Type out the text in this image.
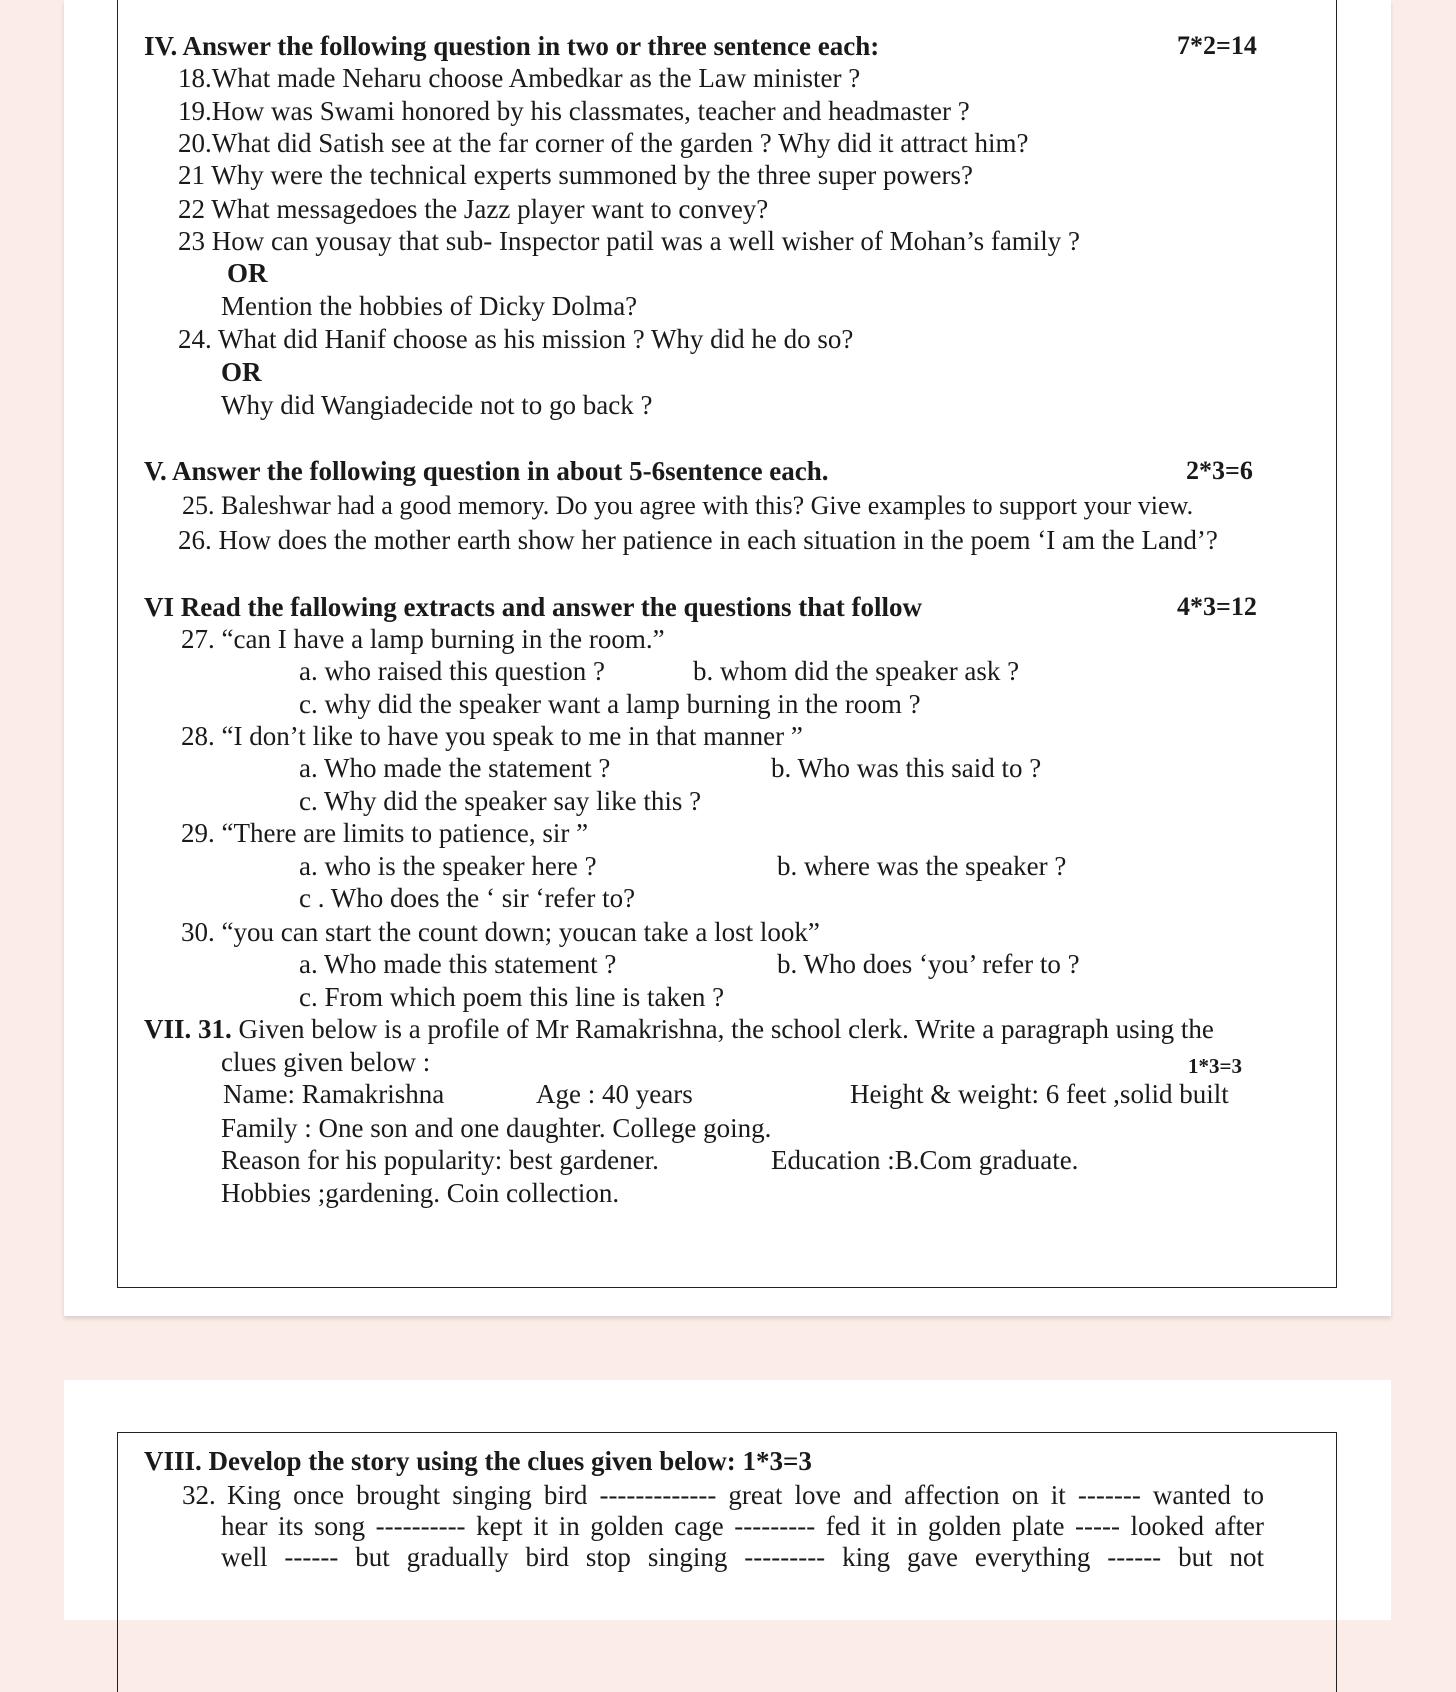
IV. Answer the following question in two or three sentence each:	7*2=14
18.What made Neharu choose Ambedkar as the Law minister ?
19.How was Swami honored by his classmates, teacher and headmaster ?
20.What did Satish see at the far corner of the garden ? Why did it attract him?
21 Why were the technical experts summoned by the three super powers?
22 What messagedoes the Jazz player want to convey?
23 How can yousay that sub- Inspector patil was a well wisher of Mohan’s family ?
OR
Mention the hobbies of Dicky Dolma?
24. What did Hanif choose as his mission ? Why did he do so?
OR
Why did Wangiadecide not to go back ?
V. Answer the following question in about 5-6sentence each.	2*3=6
25. Baleshwar had a good memory. Do you agree with this? Give examples to support your view.
26. How does the mother earth show her patience in each situation in the poem ‘I am the Land’?
VI Read the fallowing extracts and answer the questions that follow	4*3=12
27. “can I have a lamp burning in the room.”
a. who raised this question ?	b. whom did the speaker ask ?
c. why did the speaker want a lamp burning in the room ?
28. “I don’t like to have you speak to me in that manner ”
a. Who made the statement ?	b. Who was this said to ?
c. Why did the speaker say like this ?
29. “There are limits to patience, sir ”
a. who is the speaker here ?	b. where was the speaker ?
c . Who does the ‘ sir ‘refer to?
30. “you can start the count down; youcan take a lost look”
a. Who made this statement ?	b. Who does ‘you’ refer to ?
c. From which poem this line is taken ?
VII. 31. Given below is a profile of Mr Ramakrishna, the school clerk. Write a paragraph using the
clues given below :	1*3=3
Name: Ramakrishna	Age : 40 years	Height & weight: 6 feet ,solid built
Family : One son and one daughter. College going.
Reason for his popularity: best gardener.	Education :B.Com graduate.
Hobbies ;gardening. Coin collection.
VIII. Develop the story using the clues given below: 1*3=3
32. King once brought singing bird ------------- great love and affection on it ------- wanted to
hear its song ---------- kept it in golden cage --------- fed it in golden plate ----- looked after
well ------ but gradually bird stop singing --------- king gave everything ------ but not
